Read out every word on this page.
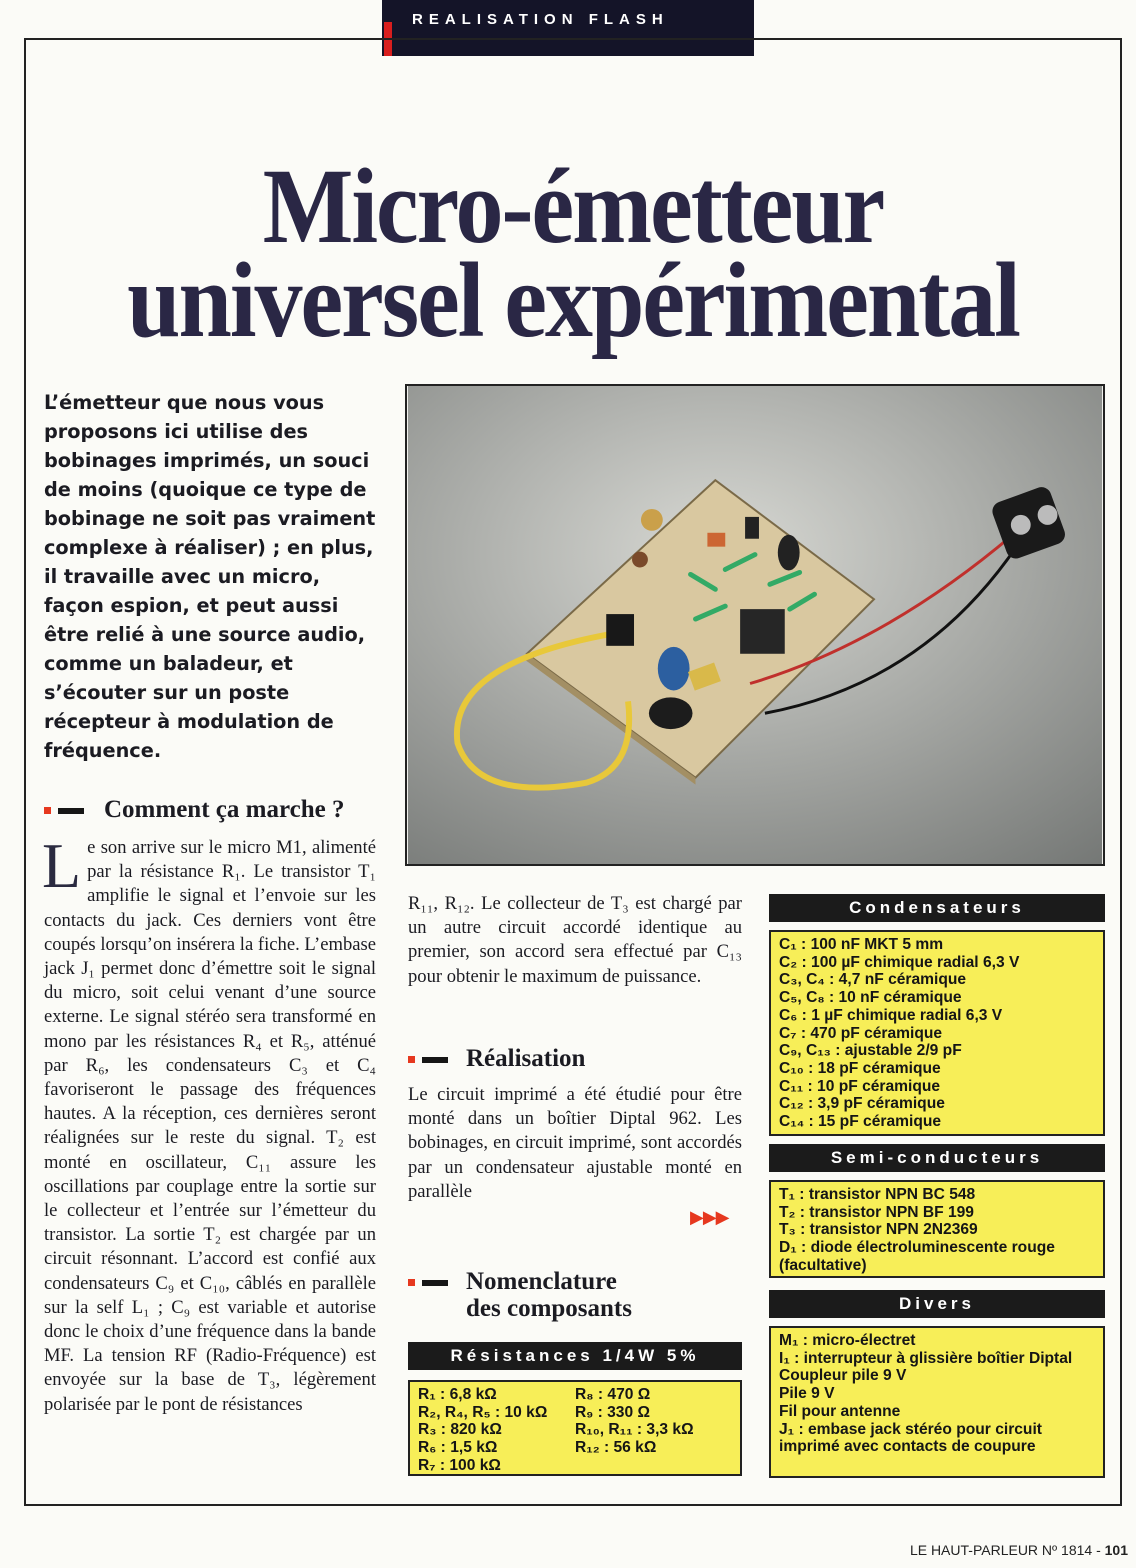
REALISATION FLASH
Micro-émetteur
universel expérimental
L’émetteur que nous vous proposons ici utilise des bobinages imprimés, un souci de moins (quoique ce type de bobinage ne soit pas vraiment complexe à réaliser) ; en plus, il travaille avec un micro, façon espion, et peut aussi être relié à une source audio, comme un baladeur, et s’écouter sur un poste récepteur à modulation de fréquence.
Comment ça marche ?
Le son arrive sur le micro M1, alimenté par la résistance R₁. Le transistor T₁ amplifie le signal et l’envoie sur les contacts du jack. Ces derniers vont être coupés lorsqu’on insérera la fiche. L’embase jack J₁ permet donc d’émettre soit le signal du micro, soit celui venant d’une source externe. Le signal stéréo sera transformé en mono par les résistances R₄ et R₅, atténué par R₆, les condensateurs C₃ et C₄ favoriseront le passage des fréquences hautes. A la réception, ces dernières seront réalignées sur le reste du signal. T₂ est monté en oscillateur, C₁₁ assure les oscillations par couplage entre la sortie sur le collecteur et l’entrée sur l’émetteur du transistor. La sortie T₂ est chargée par un circuit résonnant. L’accord est confié aux condensateurs C₉ et C₁₀, câblés en parallèle sur la self L₁ ; C₉ est variable et autorise donc le choix d’une fréquence dans la bande MF. La tension RF (Radio-Fréquence) est envoyée sur la base de T₃, légèrement polarisée par le pont de résistances
R₁₁, R₁₂. Le collecteur de T₃ est chargé par un autre circuit accordé identique au premier, son accord sera effectué par C₁₃ pour obtenir le maximum de puissance.
Réalisation
Le circuit imprimé a été étudié pour être monté dans un boîtier Diptal 962. Les bobinages, en circuit imprimé, sont accordés par un condensateur ajustable monté en parallèle
▶▶▶
Nomenclature
des composants
Résistances 1/4W 5%
R₁ : 6,8 kΩ
R₂, R₄, R₅ : 10 kΩ
R₃ : 820 kΩ
R₆ : 1,5 kΩ
R₇ : 100 kΩ
R₈ : 470 Ω
R₉ : 330 Ω
R₁₀, R₁₁ : 3,3 kΩ
R₁₂ : 56 kΩ
Condensateurs
C₁ : 100 nF MKT 5 mm
C₂ : 100 µF chimique radial 6,3 V
C₃, C₄ : 4,7 nF céramique
C₅, C₈ : 10 nF céramique
C₆ : 1 µF chimique radial 6,3 V
C₇ : 470 pF céramique
C₉, C₁₃ : ajustable 2/9 pF
C₁₀ : 18 pF céramique
C₁₁ : 10 pF céramique
C₁₂ : 3,9 pF céramique
C₁₄ : 15 pF céramique
Semi-conducteurs
T₁ : transistor NPN BC 548
T₂ : transistor NPN BF 199
T₃ : transistor NPN 2N2369
D₁ : diode électroluminescente rouge (facultative)
Divers
M₁ : micro-électret
I₁ : interrupteur à glissière boîtier Diptal
Coupleur pile 9 V
Pile 9 V
Fil pour antenne
J₁ : embase jack stéréo pour circuit imprimé avec contacts de coupure
LE HAUT-PARLEUR Nº 1814 - 101
